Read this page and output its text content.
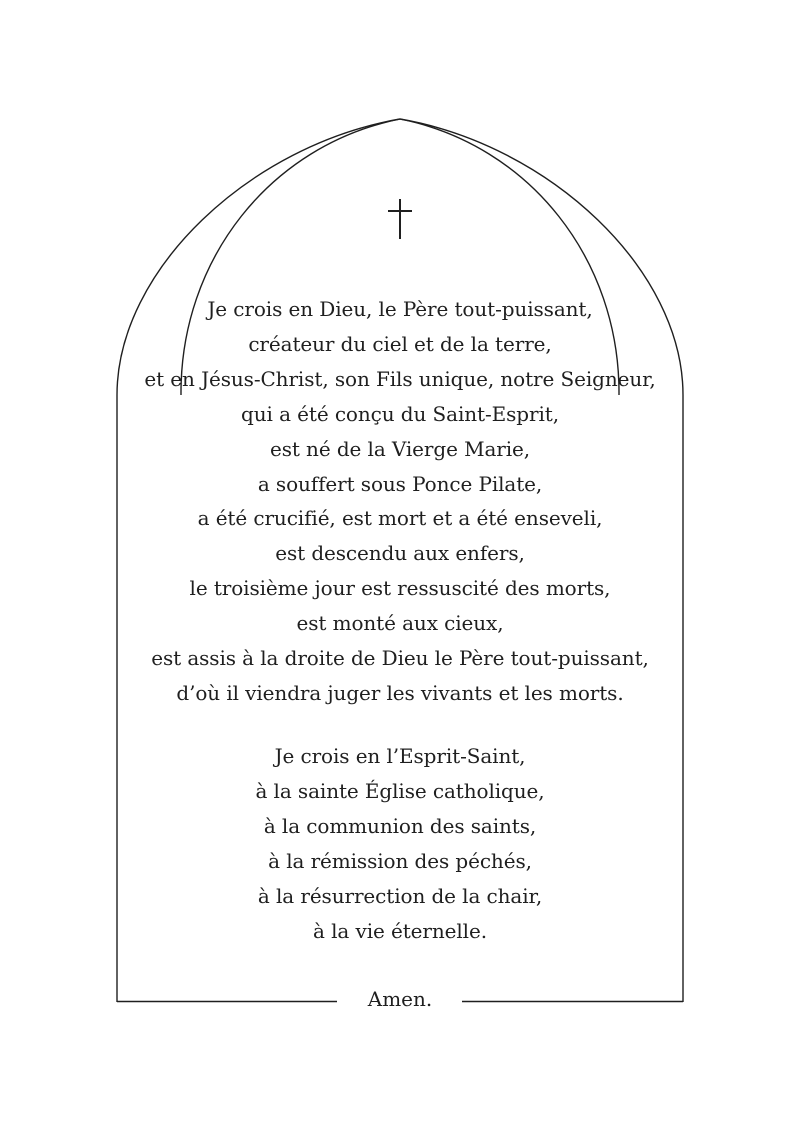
Je crois en Dieu, le Père tout-puissant,
créateur du ciel et de la terre,
et en Jésus-Christ, son Fils unique, notre Seigneur,
qui a été conçu du Saint-Esprit,
est né de la Vierge Marie,
a souffert sous Ponce Pilate,
a été crucifié, est mort et a été enseveli,
est descendu aux enfers,
le troisième jour est ressuscité des morts,
est monté aux cieux,
est assis à la droite de Dieu le Père tout-puissant,
d’où il viendra juger les vivants et les morts.
Je crois en l’Esprit-Saint,
à la sainte Église catholique,
à la communion des saints,
à la rémission des péchés,
à la résurrection de la chair,
à la vie éternelle.
Amen.
